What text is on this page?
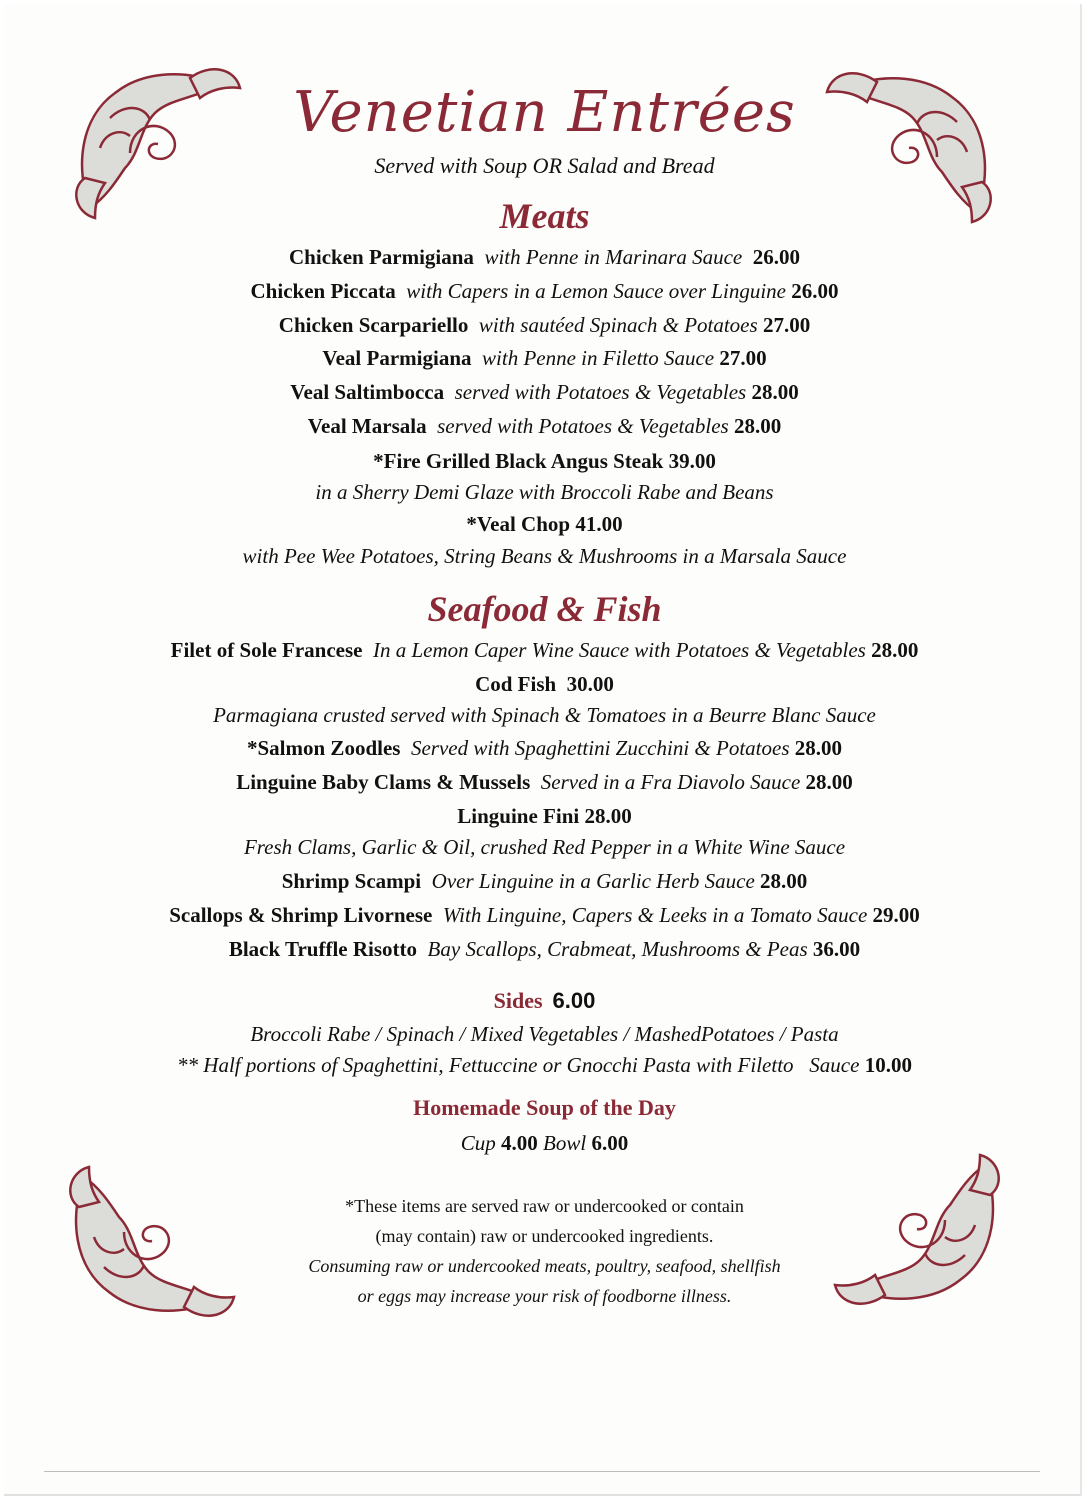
Venetian Entrées
Served with Soup OR Salad and Bread
Meats
Chicken Parmigiana with Penne in Marinara Sauce 26.00
Chicken Piccata with Capers in a Lemon Sauce over Linguine 26.00
Chicken Scarpariello with sautéed Spinach & Potatoes 27.00
Veal Parmigiana with Penne in Filetto Sauce 27.00
Veal Saltimbocca served with Potatoes & Vegetables 28.00
Veal Marsala served with Potatoes & Vegetables 28.00
*Fire Grilled Black Angus Steak 39.00
in a Sherry Demi Glaze with Broccoli Rabe and Beans
*Veal Chop 41.00
with Pee Wee Potatoes, String Beans & Mushrooms in a Marsala Sauce
Seafood & Fish
Filet of Sole Francese In a Lemon Caper Wine Sauce with Potatoes & Vegetables 28.00
Cod Fish 30.00
Parmagiana crusted served with Spinach & Tomatoes in a Beurre Blanc Sauce
*Salmon Zoodles Served with Spaghettini Zucchini & Potatoes 28.00
Linguine Baby Clams & Mussels Served in a Fra Diavolo Sauce 28.00
Linguine Fini 28.00
Fresh Clams, Garlic & Oil, crushed Red Pepper in a White Wine Sauce
Shrimp Scampi Over Linguine in a Garlic Herb Sauce 28.00
Scallops & Shrimp Livornese With Linguine, Capers & Leeks in a Tomato Sauce 29.00
Black Truffle Risotto Bay Scallops, Crabmeat, Mushrooms & Peas 36.00
Sides 6.00
Broccoli Rabe / Spinach / Mixed Vegetables / MashedPotatoes / Pasta
** Half portions of Spaghettini, Fettuccine or Gnocchi Pasta with Filetto   Sauce 10.00
Homemade Soup of the Day
Cup 4.00 Bowl 6.00
*These items are served raw or undercooked or contain
(may contain) raw or undercooked ingredients.
Consuming raw or undercooked meats, poultry, seafood, shellfish
or eggs may increase your risk of foodborne illness.
